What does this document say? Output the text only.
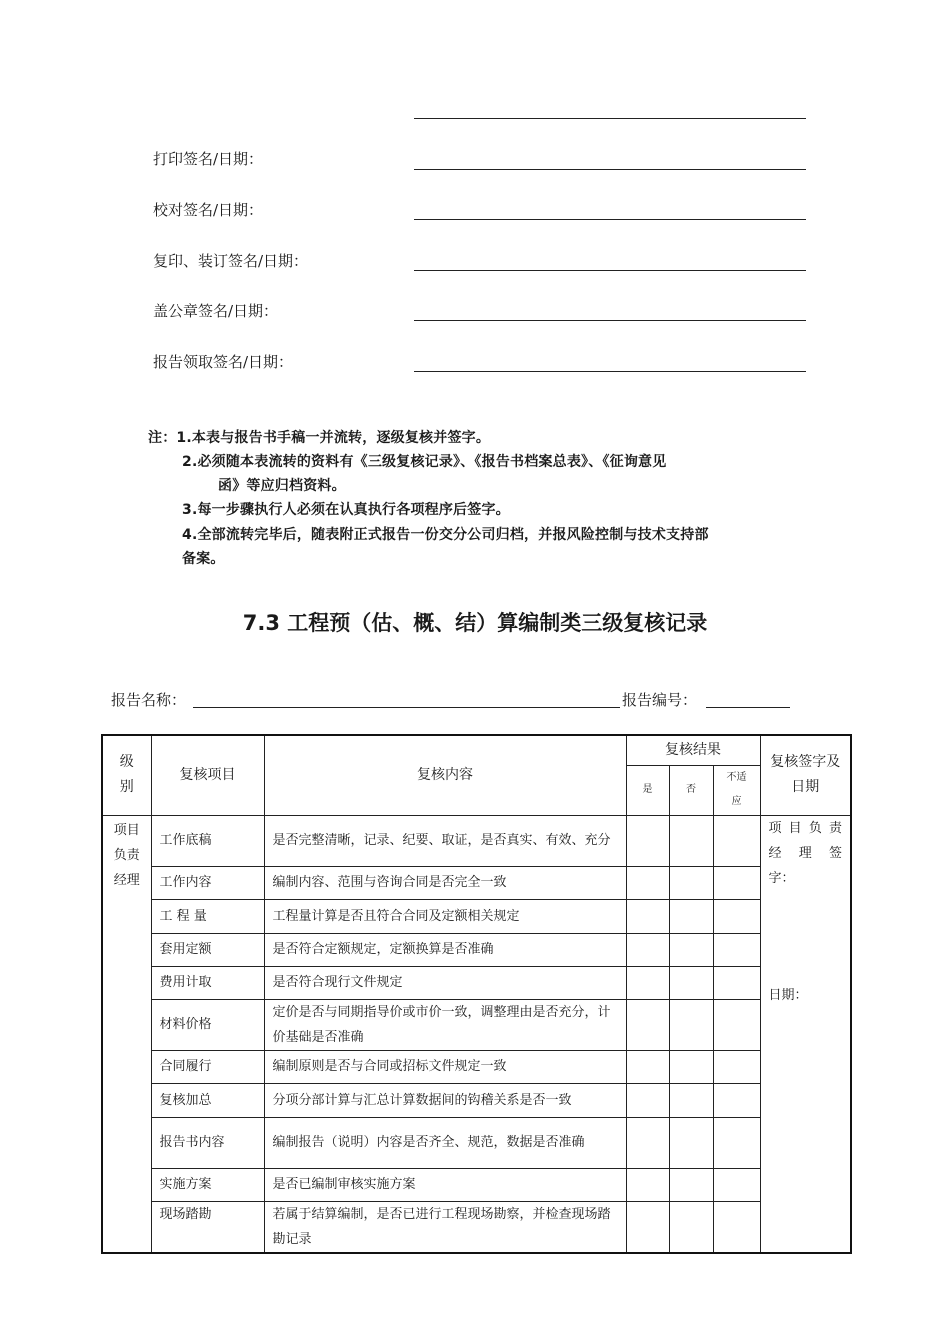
打印签名/日期：
校对签名/日期：
复印、装订签名/日期：
盖公章签名/日期：
报告领取签名/日期：
注：1.本表与报告书手稿一并流转，逐级复核并签字。
2.必须随本表流转的资料有《三级复核记录》、《报告书档案总表》、《征询意见
函》等应归档资料。
3.每一步骤执行人必须在认真执行各项程序后签字。
4.全部流转完毕后，随表附正式报告一份交分公司归档，并报风险控制与技术支持部
备案。
7.3 工程预（估、概、结）算编制类三级复核记录
报告名称：	报告编号：
级别	复核项目	复核内容	复核结果			复核签字及日期
			是	否	不适应	
项目负责经理	工作底稿	是否完整清晰，记录、纪要、取证，是否真实、有效、充分				项 目 负 责 经 理 签 字：
日期：

	工作内容	编制内容、范围与咨询合同是否完全一致				
	工 程 量	工程量计算是否且符合合同及定额相关规定				
	套用定额	是否符合定额规定，定额换算是否准确				
	费用计取	是否符合现行文件规定				
	材料价格	定价是否与同期指导价或市价一致，调整理由是否充分，计价基础是否准确				
	合同履行	编制原则是否与合同或招标文件规定一致				
	复核加总	分项分部计算与汇总计算数据间的钩稽关系是否一致				
	报告书内容	编制报告（说明）内容是否齐全、规范，数据是否准确				
	实施方案	是否已编制审核实施方案				
	现场踏勘	若属于结算编制，是否已进行工程现场勘察，并检查现场踏勘记录				
